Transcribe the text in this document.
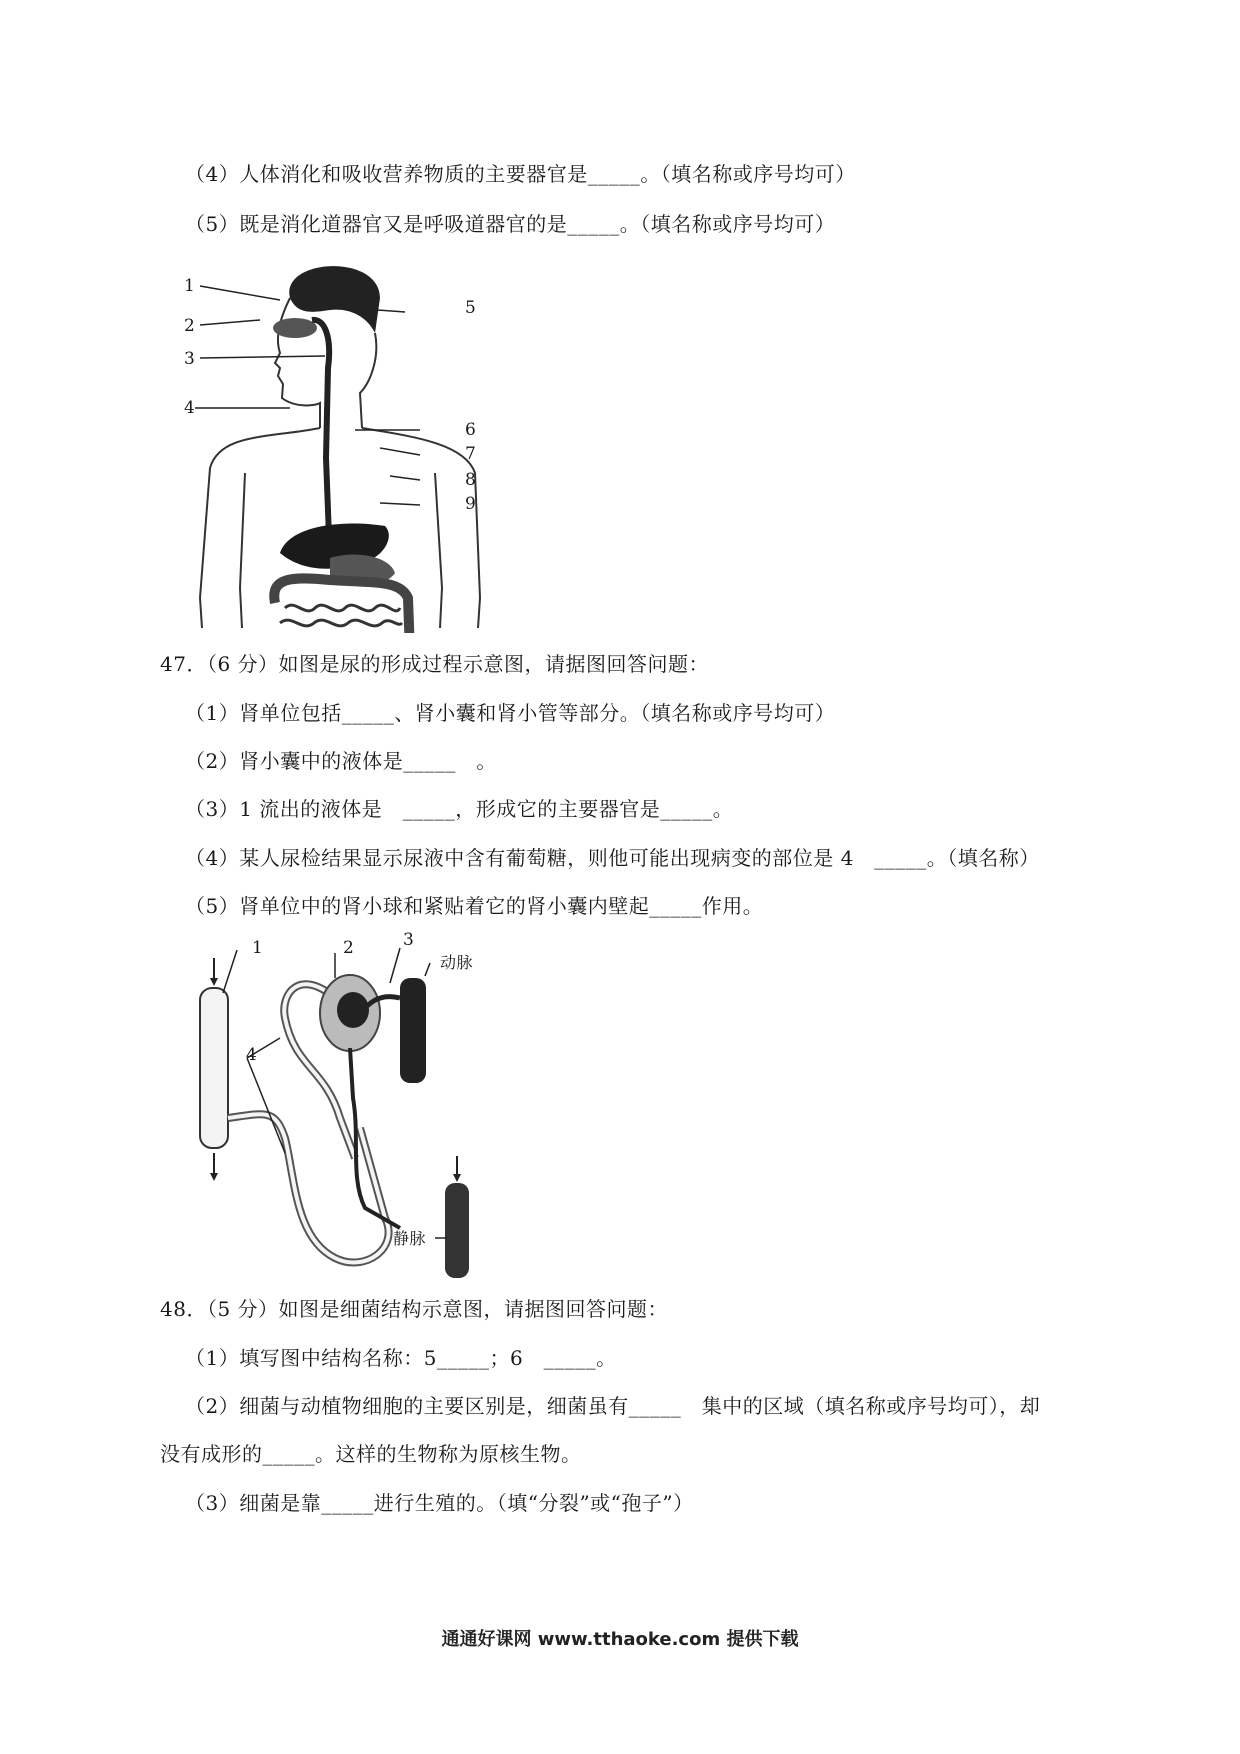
（4）人体消化和吸收营养物质的主要器官是_____。（填名称或序号均可）
（5）既是消化道器官又是呼吸道器官的是_____。（填名称或序号均可）
1
2
3
4
5
6
7
8
9
47．（6 分）如图是尿的形成过程示意图，请据图回答问题：
（1）肾单位包括_____、肾小囊和肾小管等部分。（填名称或序号均可）
（2）肾小囊中的液体是_____　。
（3）1 流出的液体是　_____，形成它的主要器官是_____。
（4）某人尿检结果显示尿液中含有葡萄糖，则他可能出现病变的部位是 4　_____。（填名称）
（5）肾单位中的肾小球和紧贴着它的肾小囊内壁起_____作用。
1	2	3
4
动脉
静脉
48．（5 分）如图是细菌结构示意图，请据图回答问题：
（1）填写图中结构名称：5_____；6　_____。
（2）细菌与动植物细胞的主要区别是，细菌虽有_____　集中的区域（填名称或序号均可），却
没有成形的_____。这样的生物称为原核生物。
（3）细菌是靠_____进行生殖的。（填“分裂”或“孢子”）
通通好课网 www.tthaoke.com 提供下载
